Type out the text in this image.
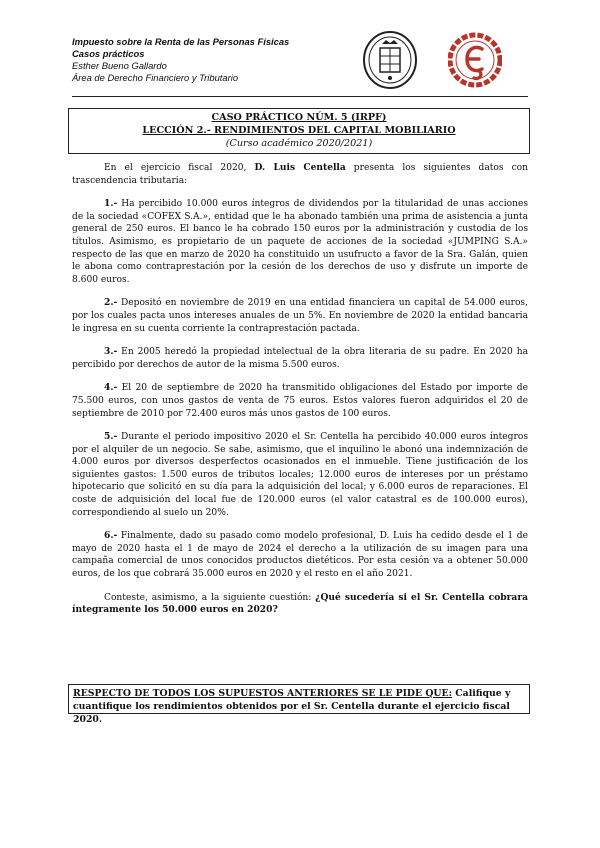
Impuesto sobre la Renta de las Personas Físicas
Casos prácticos
Esther Bueno Gallardo
Área de Derecho Financiero y Tributario
CASO PRÁCTICO NÚM. 5 (IRPF)
LECCIÓN 2.- RENDIMIENTOS DEL CAPITAL MOBILIARIO
(Curso académico 2020/2021)

En el ejercicio fiscal 2020, D. Luis Centella presenta los siguientes datos con trascendencia tributaria:

1.- Ha percibido 10.000 euros íntegros de dividendos por la titularidad de unas acciones de la sociedad «COFEX S.A.», entidad que le ha abonado también una prima de asistencia a junta general de 250 euros. El banco le ha cobrado 150 euros por la administración y custodia de los títulos. Asimismo, es propietario de un paquete de acciones de la sociedad «JUMPING S.A.» respecto de las que en marzo de 2020 ha constituido un usufructo a favor de la Sra. Galán, quien le abona como contraprestación por la cesión de los derechos de uso y disfrute un importe de 8.600 euros.

2.- Depositó en noviembre de 2019 en una entidad financiera un capital de 54.000 euros, por los cuales pacta unos intereses anuales de un 5%. En noviembre de 2020 la entidad bancaria le ingresa en su cuenta corriente la contraprestación pactada.

3.- En 2005 heredó la propiedad intelectual de la obra literaria de su padre. En 2020 ha percibido por derechos de autor de la misma 5.500 euros.

4.- El 20 de septiembre de 2020 ha transmitido obligaciones del Estado por importe de 75.500 euros, con unos gastos de venta de 75 euros. Estos valores fueron adquiridos el 20 de septiembre de 2010 por 72.400 euros más unos gastos de 100 euros.

5.- Durante el periodo impositivo 2020 el Sr. Centella ha percibido 40.000 euros íntegros por el alquiler de un negocio. Se sabe, asimismo, que el inquilino le abonó una indemnización de 4.000 euros por diversos desperfectos ocasionados en el inmueble. Tiene justificación de los siguientes gastos: 1.500 euros de tributos locales; 12.000 euros de intereses por un préstamo hipotecario que solicitó en su día para la adquisición del local; y 6.000 euros de reparaciones. El coste de adquisición del local fue de 120.000 euros (el valor catastral es de 100.000 euros), correspondiendo al suelo un 20%.

6.- Finalmente, dado su pasado como modelo profesional, D. Luis ha cedido desde el 1 de mayo de 2020 hasta el 1 de mayo de 2024 el derecho a la utilización de su imagen para una campaña comercial de unos conocidos productos dietéticos. Por esta cesión va a obtener 50.000 euros, de los que cobrará 35.000 euros en 2020 y el resto en el año 2021.

Conteste, asimismo, a la siguiente cuestión: ¿Qué sucedería si el Sr. Centella cobrara íntegramente los 50.000 euros en 2020?

RESPECTO DE TODOS LOS SUPUESTOS ANTERIORES SE LE PIDE QUE: Califique y cuantifique los rendimientos obtenidos por el Sr. Centella durante el ejercicio fiscal 2020.
